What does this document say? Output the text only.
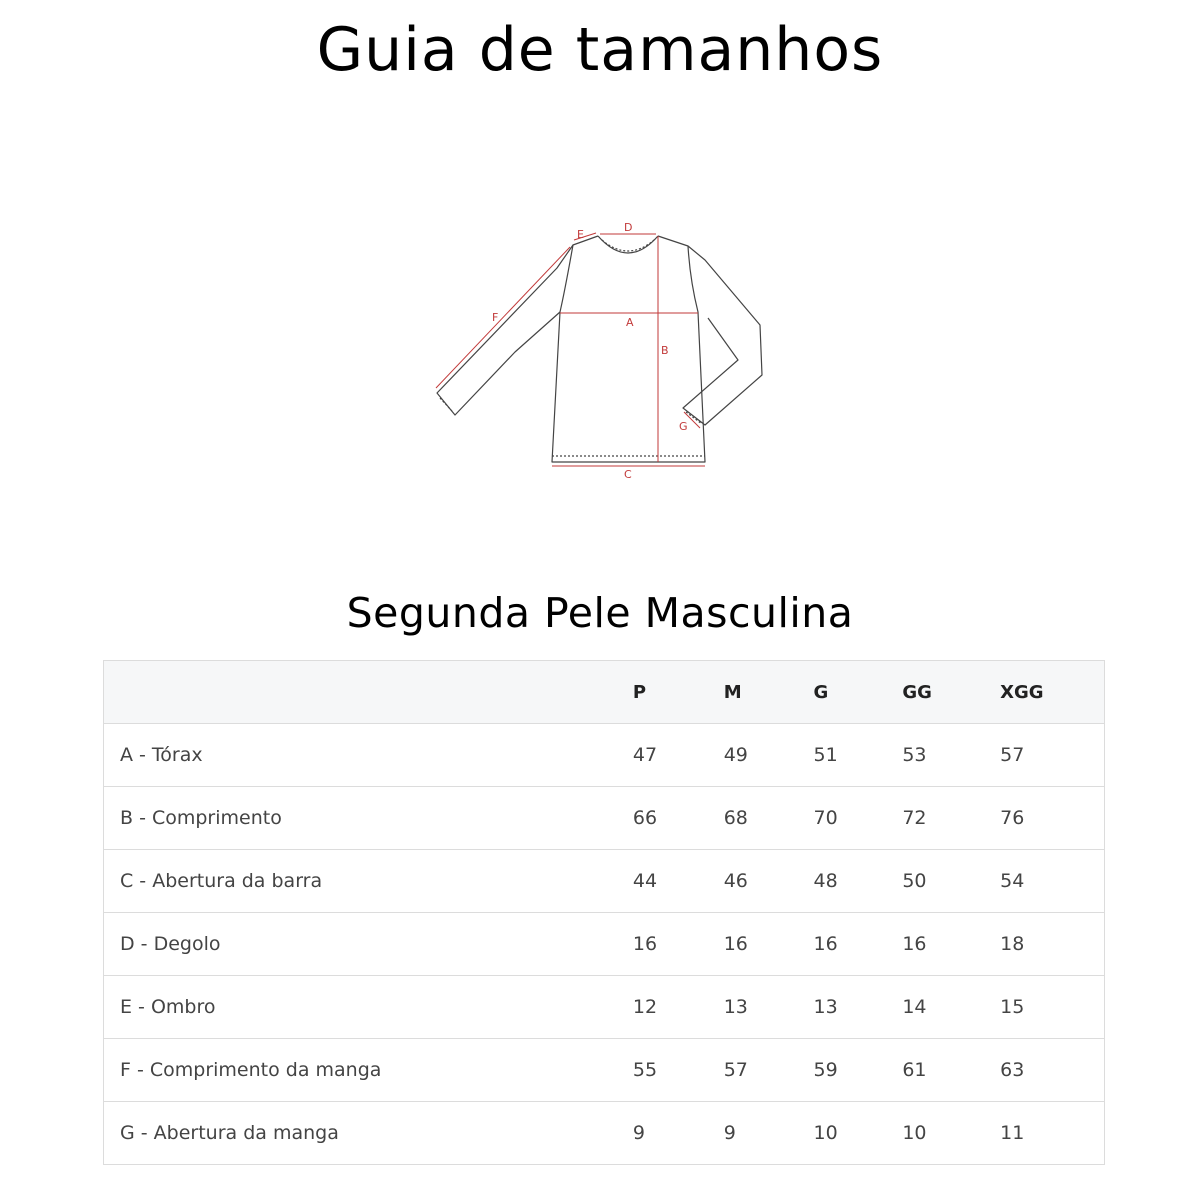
Guia de tamanhos
A
B
C
D
E
F
G
Segunda Pele Masculina
	P	M	G	GG	XGG
A - Tórax	47	49	51	53	57
B - Comprimento	66	68	70	72	76
C - Abertura da barra	44	46	48	50	54
D - Degolo	16	16	16	16	18
E - Ombro	12	13	13	14	15
F - Comprimento da manga	55	57	59	61	63
G - Abertura da manga	9	9	10	10	11
